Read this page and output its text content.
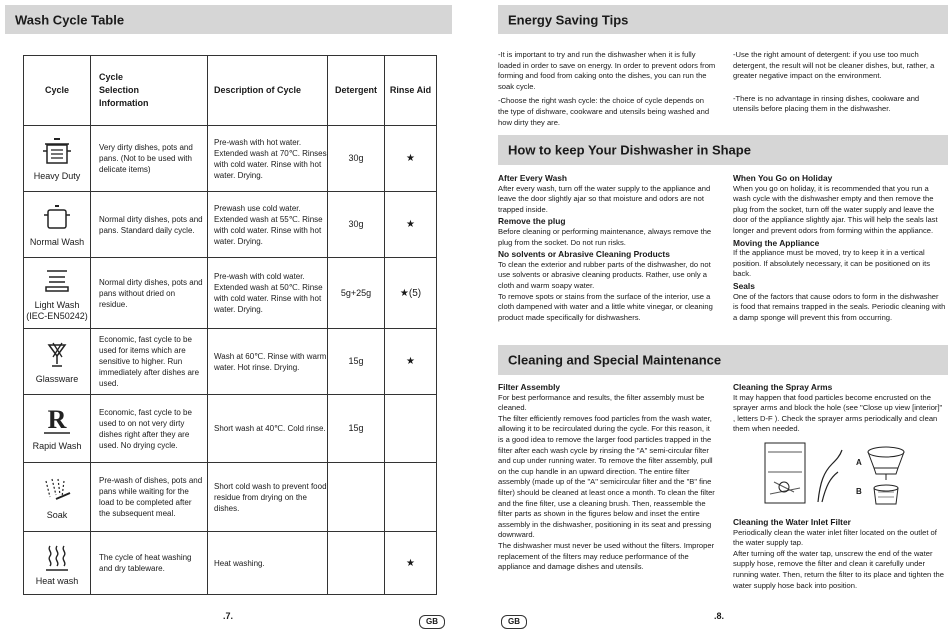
Wash Cycle Table
Cycle	Cycle
Selection
Information	Description of Cycle	Detergent	Rinse Aid

Heavy Duty	Very dirty dishes, pots and pans. (Not to be used with delicate items)	Pre-wash with hot water. Extended wash at 70℃. Rinses with cold water. Rinse with hot water. Drying.	30g	★

Normal Wash	Normal dirty dishes, pots and pans. Standard daily cycle.	Prewash use cold water. Extended wash at 55℃. Rinse with cold water. Rinse with hot water. Drying.	30g	★

Light Wash
(IEC-EN50242)	Normal dirty dishes, pots and pans without dried on residue.	Pre-wash with cold water. Extended wash at 50℃. Rinse with cold water. Rinse with hot water. Drying.	5g+25g	★(5)

Glassware	Economic, fast cycle to be used for items which are sensitive to higher. Run immediately after dishes are used.	Wash at 60℃. Rinse with warm water. Hot rinse. Drying.	15g	★

R
Rapid Wash	Economic, fast cycle to be used to on not very dirty dishes right after they are used. No drying cycle.	Short wash at 40℃. Cold rinse.	15g	

Soak	Pre-wash of dishes, pots and pans while waiting for the load to be completed after the subsequent meal.	Short cold wash to prevent food residue from drying on the dishes.		

Heat wash	The cycle of heat washing and dry tableware.	Heat washing.		★
.7.
GB
Energy Saving Tips

-It is important to try and run the dishwasher when it is fully loaded in order to save on energy. In order to prevent odors from forming and food from caking onto the dishes, you can run the soak cycle.

-Choose the right wash cycle: the choice of cycle depends on the type of dishware, cookware and utensils being washed and how dirty they are.

-Use the right amount of detergent: if you use too much detergent, the result will not be cleaner dishes, but, rather, a greater negative impact on the environment.

-There is no advantage in rinsing dishes, cookware and utensils before placing them in the dishwasher.

How to keep Your Dishwasher in Shape

After Every Wash

After every wash, turn off the water supply to the appliance and leave the door slightly ajar so that moisture and odors are not trapped inside.

Remove the plug

Before cleaning or performing maintenance, always remove the plug from the socket. Do not run risks.

No solvents or Abrasive Cleaning Products

To clean the exterior and rubber parts of the dishwasher, do not use solvents or abrasive cleaning products. Rather, use only a cloth and warm soapy water.

To remove spots or stains from the surface of the interior, use a cloth dampened with water and a little white vinegar, or cleaning product made specifically for dishwashers.

When You Go on Holiday

When you go on holiday, it is recommended that you run a wash cycle with the dishwasher empty and then remove the plug from the socket, turn off the water supply and leave the door of the appliance slightly ajar. This will help the seals last longer and prevent odors from forming within the appliance.

Moving the Appliance

If the appliance must be moved, try to keep it in a vertical position. If absolutely necessary, it can be positioned on its back.

Seals

One of the factors that cause odors to form in the dishwasher is food that remains trapped in the seals. Periodic cleaning with a damp sponge will prevent this from occurring.

Cleaning and Special Maintenance

Filter Assembly

For best performance and results, the filter assembly must be cleaned.

The filter efficiently removes food particles from the wash water, allowing it to be recirculated during the cycle. For this reason, it is a good idea to remove the larger food particles trapped in the filter after each wash cycle by rinsing the "A" semi-circular filter and cup under running water. To remove the filter assembly, pull on the cup handle in an upward direction. The entire filter assembly (made up of the "A" semicircular filter and the "B" fine filter) should be cleaned at least once a month. To clean the filter and the fine filter, use a cleaning brush. Then, reassemble the filter parts as shown in the figures below and inset the entire assembly in the dishwasher, positioning in its seat and pressing downward.

The dishwasher must never be used without the filters. Improper replacement of the filters may reduce performance of the appliance and damage dishes and utensils.

Cleaning the Spray Arms

It may happen that food particles become encrusted on the sprayer arms and block the hole (see "Close up view [interior]" , letters D-F ). Check the sprayer arms periodically and clean them when needed.

A
B

Cleaning the Water Inlet Filter

Periodically clean the water inlet filter located on the outlet of the water supply tap.

After turning off the water tap, unscrew the end of the water supply hose, remove the filter and clean it carefully under running water. Then, return the filter to its place and tighten the water supply hose back into position.

GB
.8.
